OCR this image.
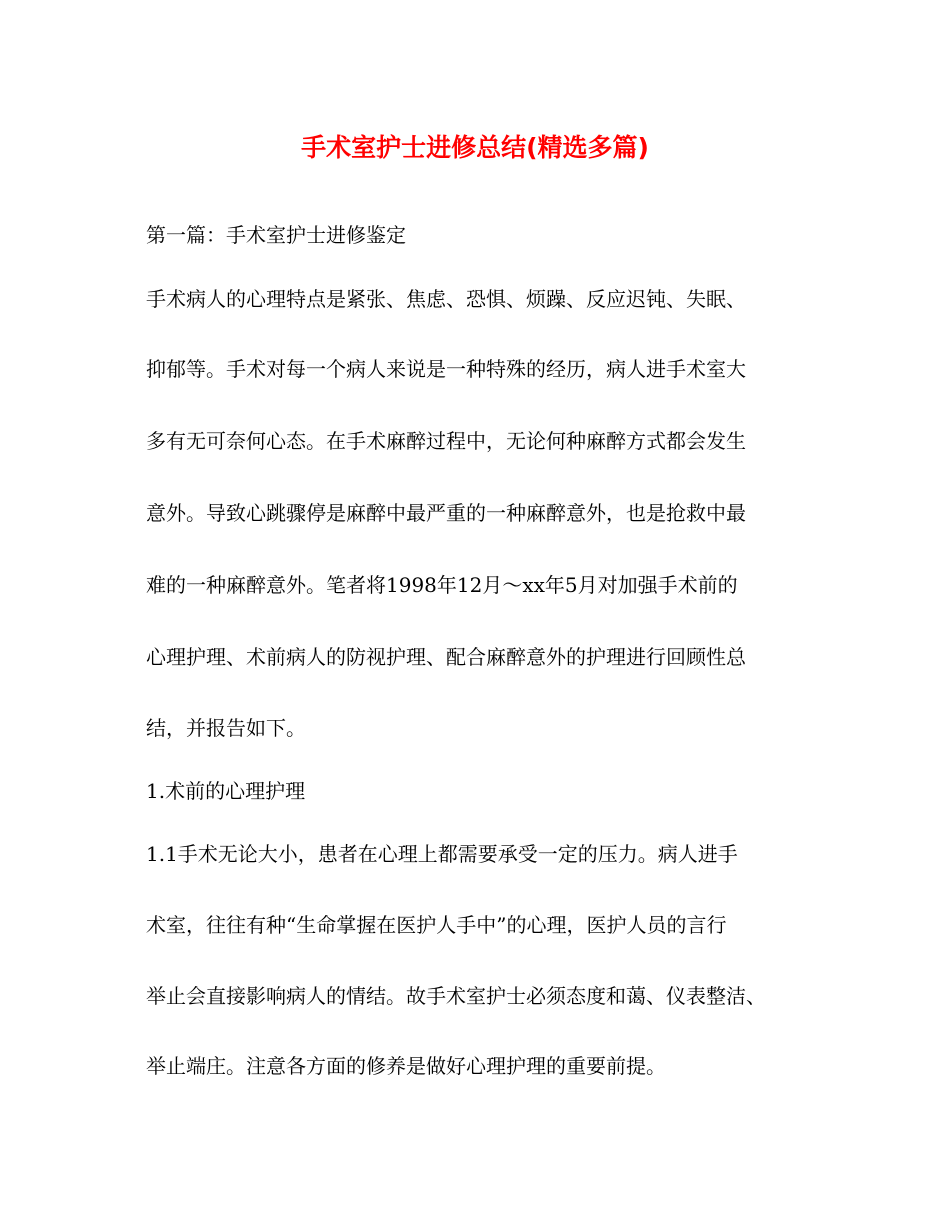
手术室护士进修总结(精选多篇)
第一篇：手术室护士进修鉴定
手术病人的心理特点是紧张、焦虑、恐惧、烦躁、反应迟钝、失眠、
抑郁等。手术对每一个病人来说是一种特殊的经历，病人进手术室大
多有无可奈何心态。在手术麻醉过程中，无论何种麻醉方式都会发生
意外。导致心跳骤停是麻醉中最严重的一种麻醉意外，也是抢救中最
难的一种麻醉意外。笔者将1998年12月～xx年5月对加强手术前的
心理护理、术前病人的防视护理、配合麻醉意外的护理进行回顾性总
结，并报告如下。
1.术前的心理护理
1.1手术无论大小，患者在心理上都需要承受一定的压力。病人进手
术室，往往有种“生命掌握在医护人手中”的心理，医护人员的言行
举止会直接影响病人的情结。故手术室护士必须态度和蔼、仪表整洁、
举止端庄。注意各方面的修养是做好心理护理的重要前提。
